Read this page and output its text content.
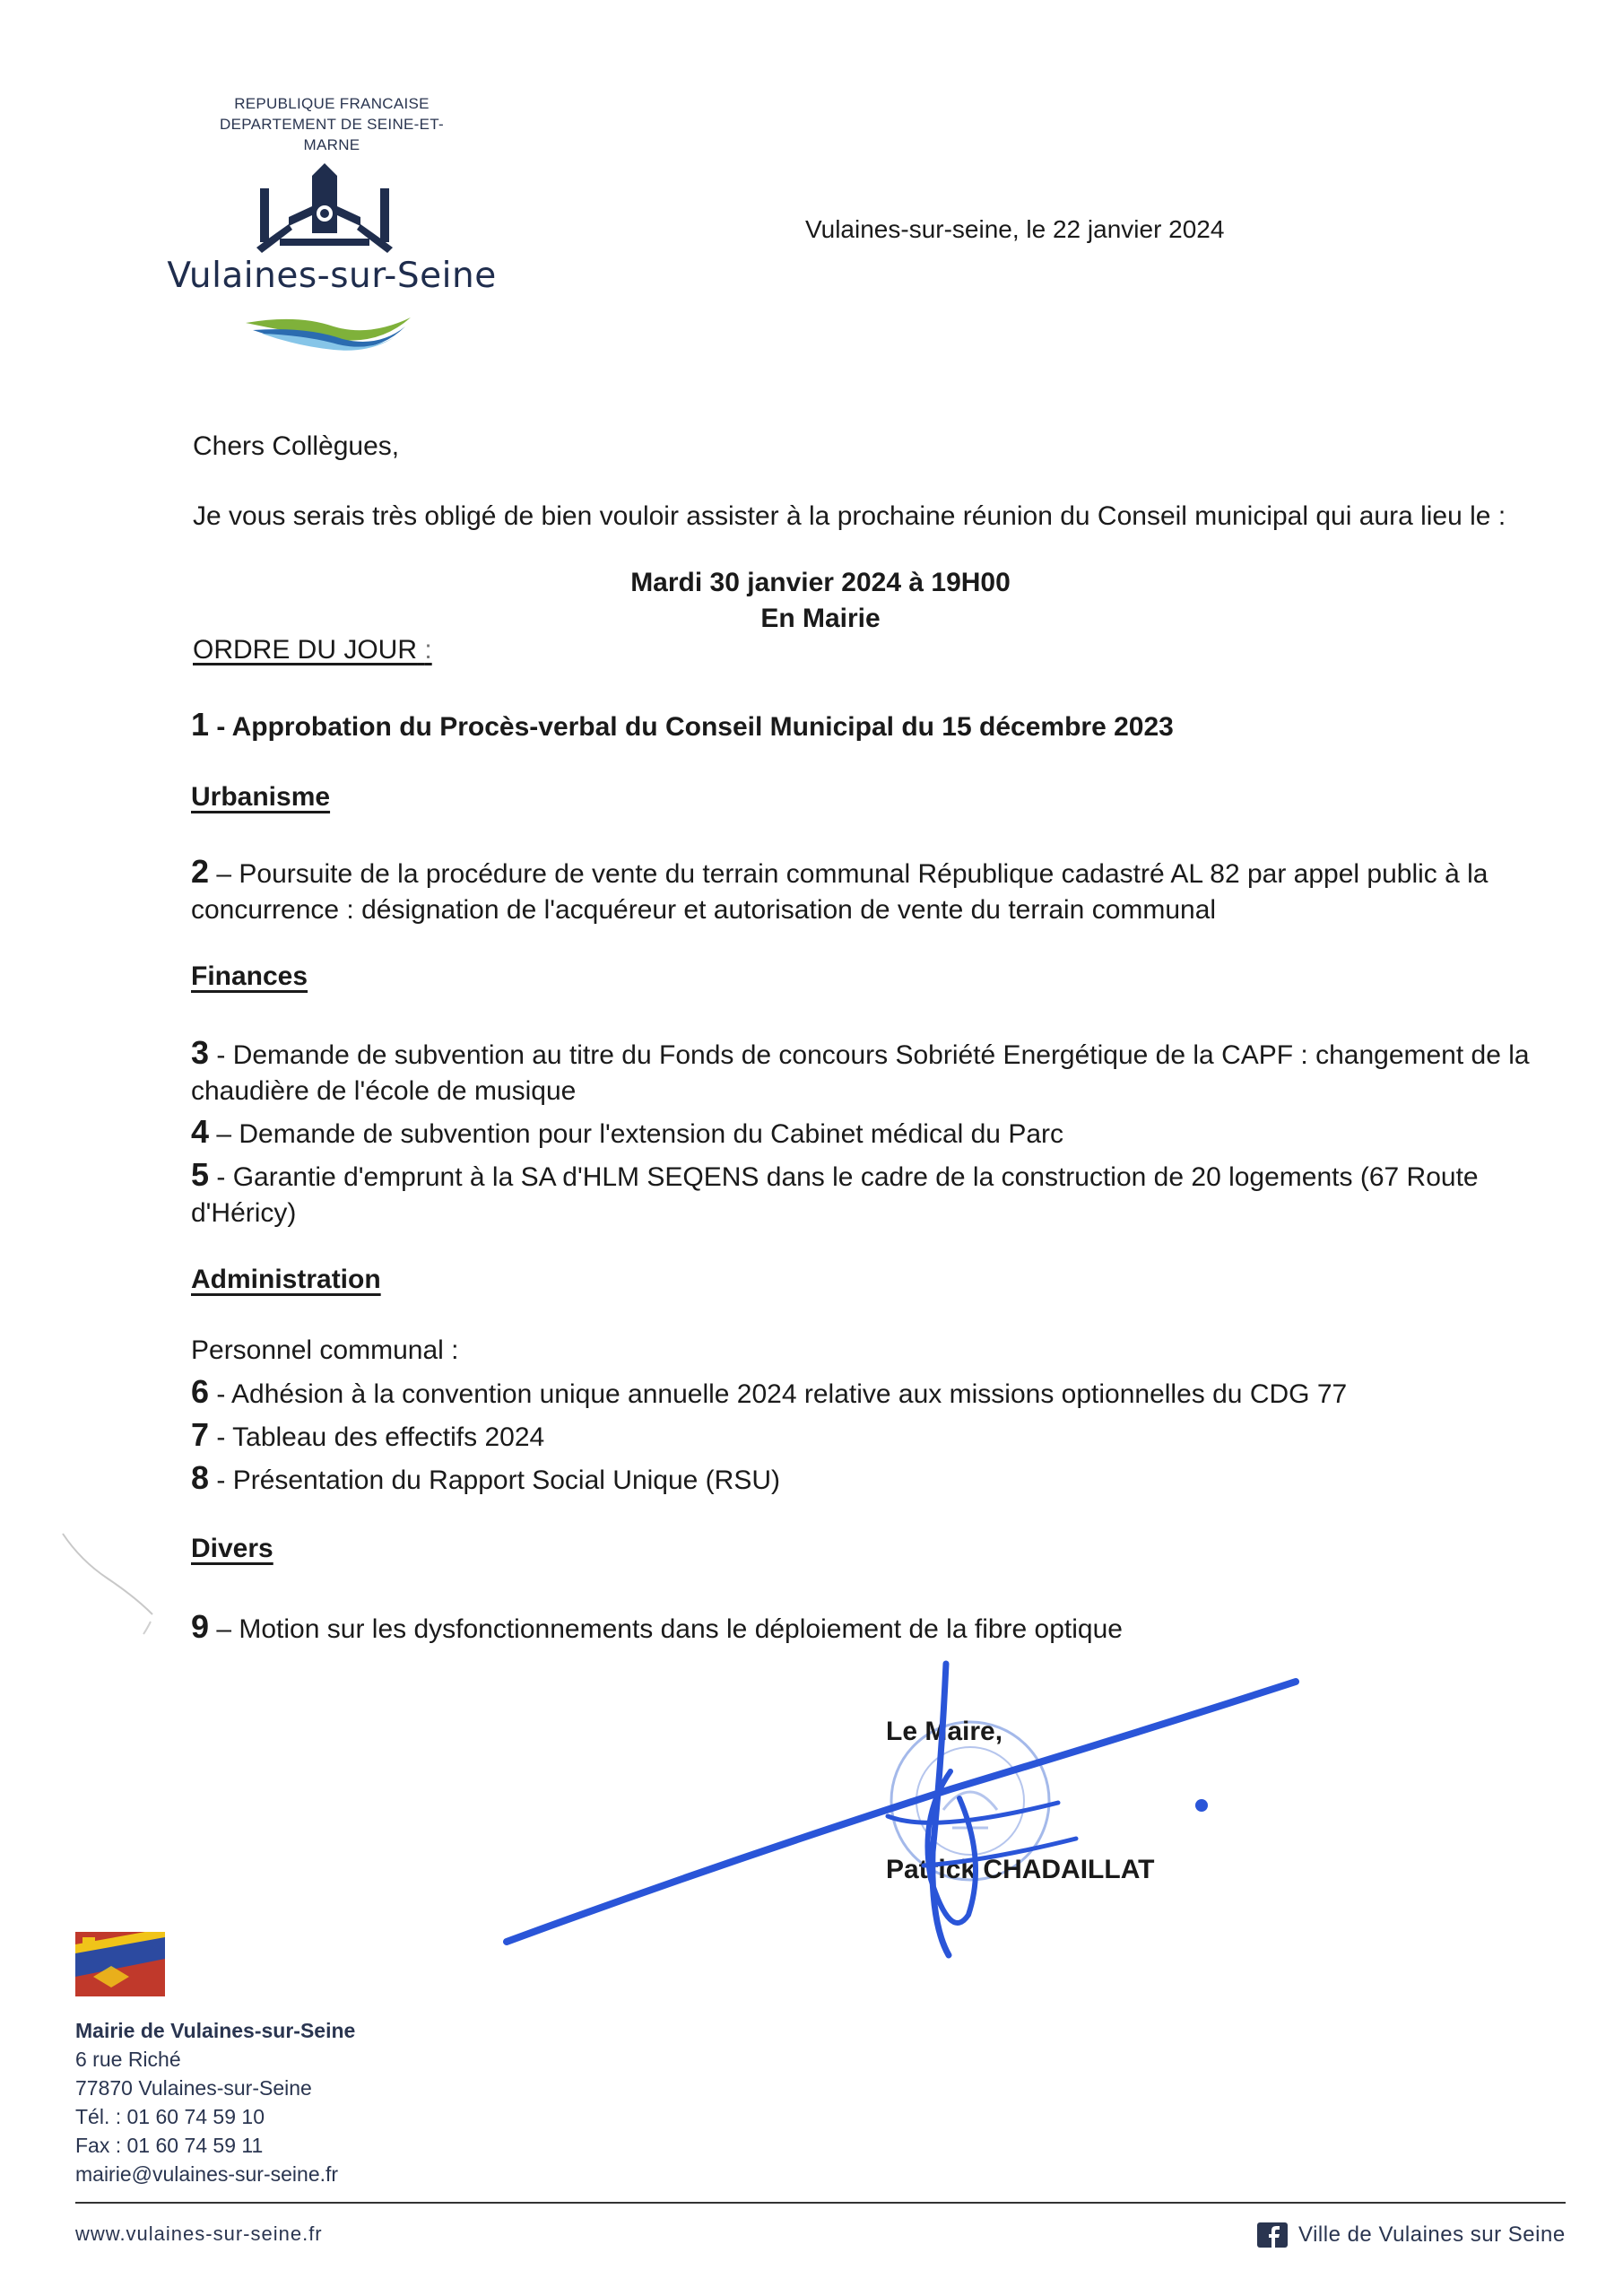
REPUBLIQUE FRANCAISE
DEPARTEMENT DE SEINE-ET-
MARNE
Vulaines-sur-Seine
Vulaines-sur-seine, le 22 janvier 2024
Chers Collègues,
Je vous serais très obligé de bien vouloir assister à la prochaine réunion du Conseil municipal qui aura lieu le :
Mardi 30 janvier 2024 à 19H00
En Mairie
ORDRE DU JOUR :
1 - Approbation du Procès-verbal du Conseil Municipal du 15 décembre 2023
Urbanisme
2 – Poursuite de la procédure de vente du terrain communal République cadastré AL 82 par appel public à la
concurrence : désignation de l'acquéreur et autorisation de vente du terrain communal
Finances
3 - Demande de subvention au titre du Fonds de concours Sobriété Energétique de la CAPF : changement de la
chaudière de l'école de musique
4 – Demande de subvention pour l'extension du Cabinet médical du Parc
5 - Garantie d'emprunt à la SA d'HLM SEQENS dans le cadre de la construction de 20 logements (67 Route
d'Héricy)
Administration
Personnel communal :
6 - Adhésion à la convention unique annuelle 2024 relative aux missions optionnelles du CDG 77
7 - Tableau des effectifs 2024
8 - Présentation du Rapport Social Unique (RSU)
Divers
9 – Motion sur les dysfonctionnements dans le déploiement de la fibre optique
Le Maire,
Patrick CHADAILLAT
Mairie de Vulaines-sur-Seine
6 rue Riché
77870 Vulaines-sur-Seine
Tél. : 01 60 74 59 10
Fax : 01 60 74 59 11
mairie@vulaines-sur-seine.fr
www.vulaines-sur-seine.fr	Ville de Vulaines sur Seine
